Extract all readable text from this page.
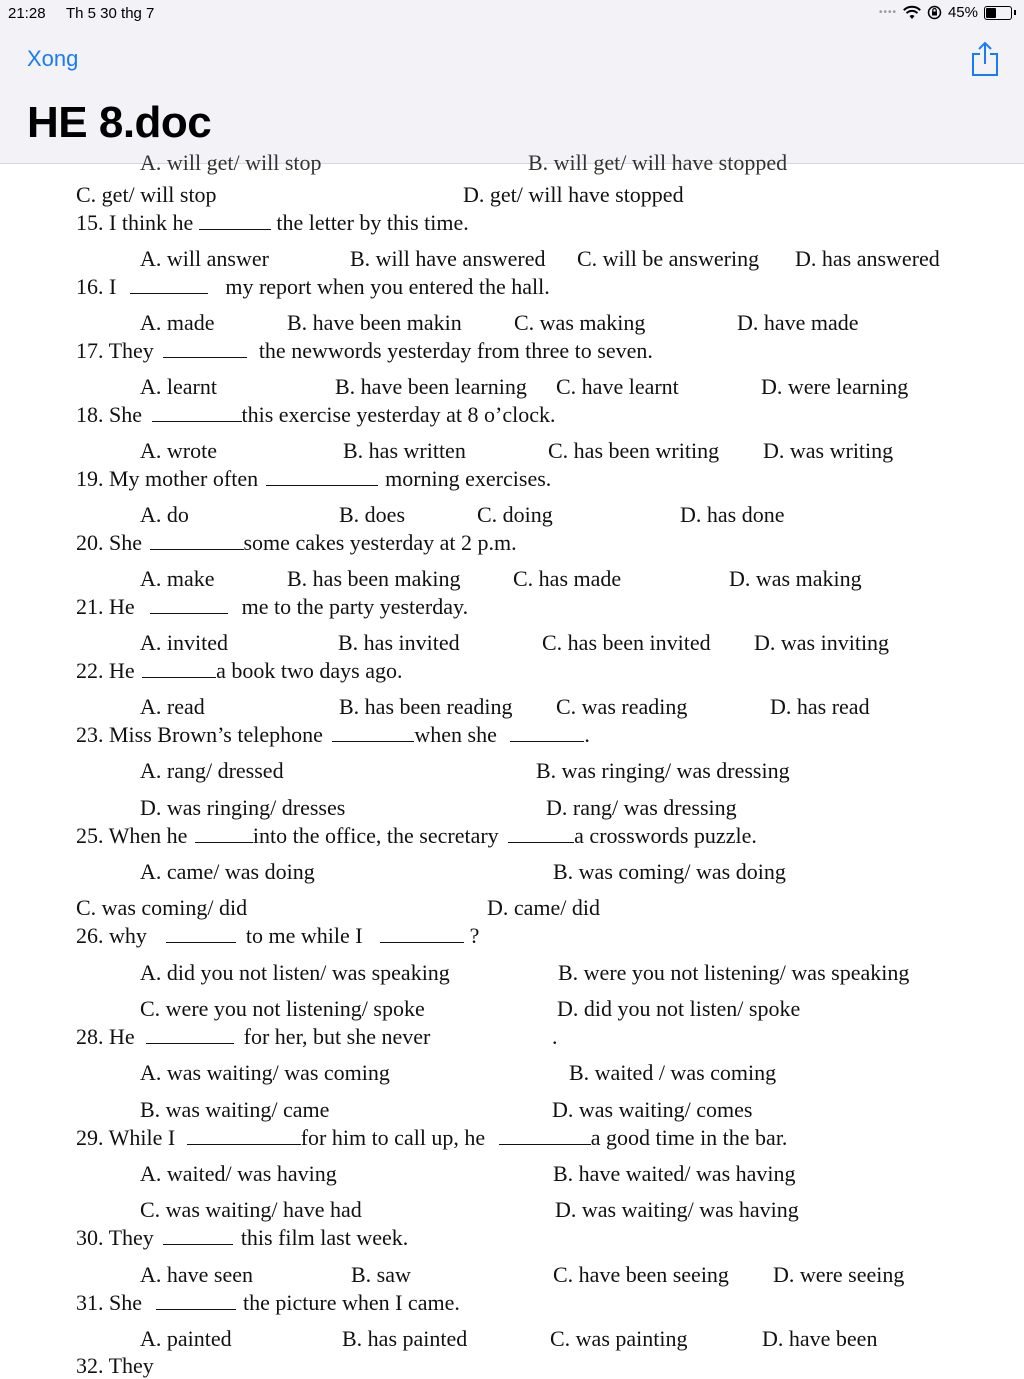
21:28 Th 5 30 thg 7	••••	45%
Xong
HE 8.doc
A. will get/ will stop	B. will get/ will have stopped
C. get/ will stop	D. get/ will have stopped
15. I think he	the letter by this time.
A. will answer	B. will have answered C. will be answering D. has answered
16. I	my report when you entered the hall.
A. made	B. have been makin C. was making	D. have made
17. They	the newwords yesterday from three to seven.
A. learnt	B. have been learning C. have learnt	D. were learning
18. She	this exercise yesterday at 8 o’clock.
A. wrote	B. has written	C. has been writing D. was writing
19. My mother often	morning exercises.
A. do	B. does	C. doing	D. has done
20. She	some cakes yesterday at 2 p.m.
A. make	B. has been making C. has made	D. was making
21. He	me to the party yesterday.
A. invited	B. has invited	C. has been invited D. was inviting
22. He	a book two days ago.
A. read	B. has been reading C. was reading	D. has read
23. Miss Brown’s telephone	when she	.
A. rang/ dressed	B. was ringing/ was dressing
D. was ringing/ dresses	D. rang/ was dressing
25. When he	into the office, the secretary	a crosswords puzzle.
A. came/ was doing	B. was coming/ was doing
C. was coming/ did	D. came/ did
26. why	to me while I	?
A. did you not listen/ was speaking	B. were you not listening/ was speaking
C. were you not listening/ spoke	D. did you not listen/ spoke
28. He	for her, but she never	.
A. was waiting/ was coming	B. waited / was coming
B. was waiting/ came	D. was waiting/ comes
29. While I	for him to call up, he	a good time in the bar.
A. waited/ was having	B. have waited/ was having
C. was waiting/ have had	D. was waiting/ was having
30. They	this film last week.
A. have seen	B. saw	C. have been seeing D. were seeing
31. She	the picture when I came.
A. painted	B. has painted	C. was painting	D. have been
32. They
